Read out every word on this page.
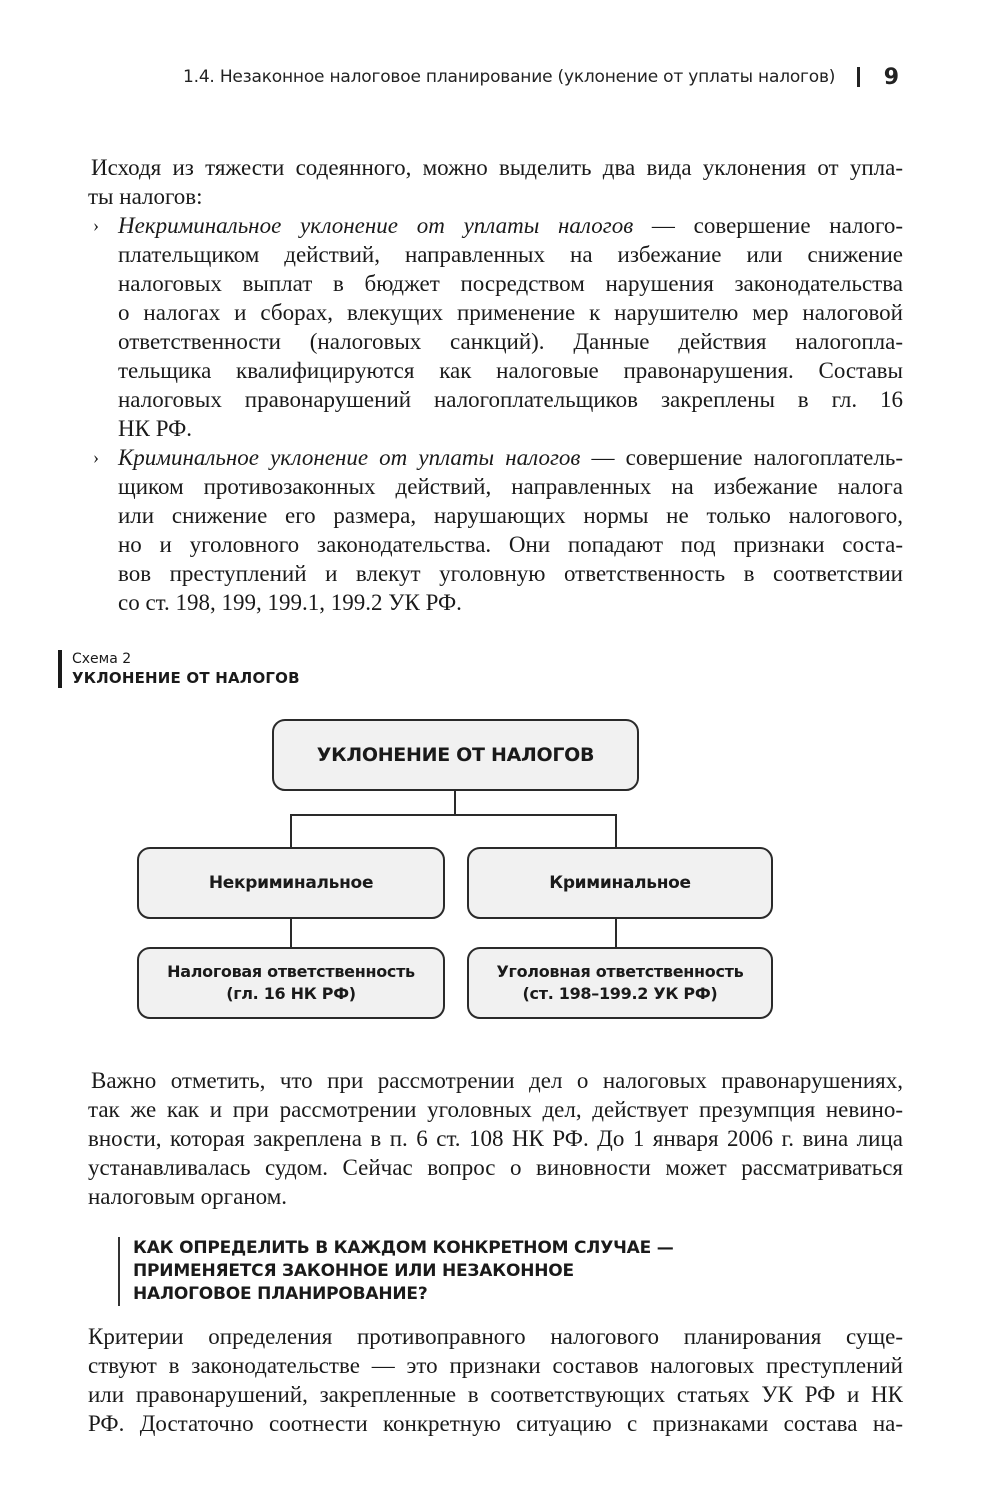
1.4. Незаконное налоговое планирование (уклонение от уплаты налогов) 9

Исходя из тяжести содеянного, можно выделить два вида уклонения от упла-
ты налогов:

› Некриминальное уклонение от уплаты налогов — совершение налого-
плательщиком действий, направленных на избежание или снижение
налоговых выплат в бюджет посредством нарушения законодательства
о налогах и сборах, влекущих применение к нарушителю мер налоговой
ответственности (налоговых санкций). Данные действия налогопла-
тельщика квалифицируются как налоговые правонарушения. Составы
налоговых правонарушений налогоплательщиков закреплены в гл. 16
НК РФ.
› Криминальное уклонение от уплаты налогов — совершение налогоплатель-
щиком противозаконных действий, направленных на избежание налога
или снижение его размера, нарушающих нормы не только налогового,
но и уголовного законодательства. Они попадают под признаки соста-
вов преступлений и влекут уголовную ответственность в соответствии
со ст. 198, 199, 199.1, 199.2 УК РФ.
Схема 2
УКЛОНЕНИЕ ОТ НАЛОГОВ
УКЛОНЕНИЕ ОТ НАЛОГОВ
Некриминальное	Криминальное
Налоговая ответственность
(гл. 16 НК РФ)
Уголовная ответственность
(ст. 198–199.2 УК РФ)
Важно отметить, что при рассмотрении дел о налоговых правонарушениях,
так же как и при рассмотрении уголовных дел, действует презумпция невино-
вности, которая закреплена в п. 6 ст. 108 НК РФ. До 1 января 2006 г. вина лица
устанавливалась судом. Сейчас вопрос о виновности может рассматриваться
налоговым органом.
КАК ОПРЕДЕЛИТЬ В КАЖДОМ КОНКРЕТНОМ СЛУЧАЕ —
ПРИМЕНЯЕТСЯ ЗАКОННОЕ ИЛИ НЕЗАКОННОЕ
НАЛОГОВОЕ ПЛАНИРОВАНИЕ?
Критерии определения противоправного налогового планирования суще-
ствуют в законодательстве — это признаки составов налоговых преступлений
или правонарушений, закрепленные в соответствующих статьях УК РФ и НК
РФ. Достаточно соотнести конкретную ситуацию с признаками состава на-
